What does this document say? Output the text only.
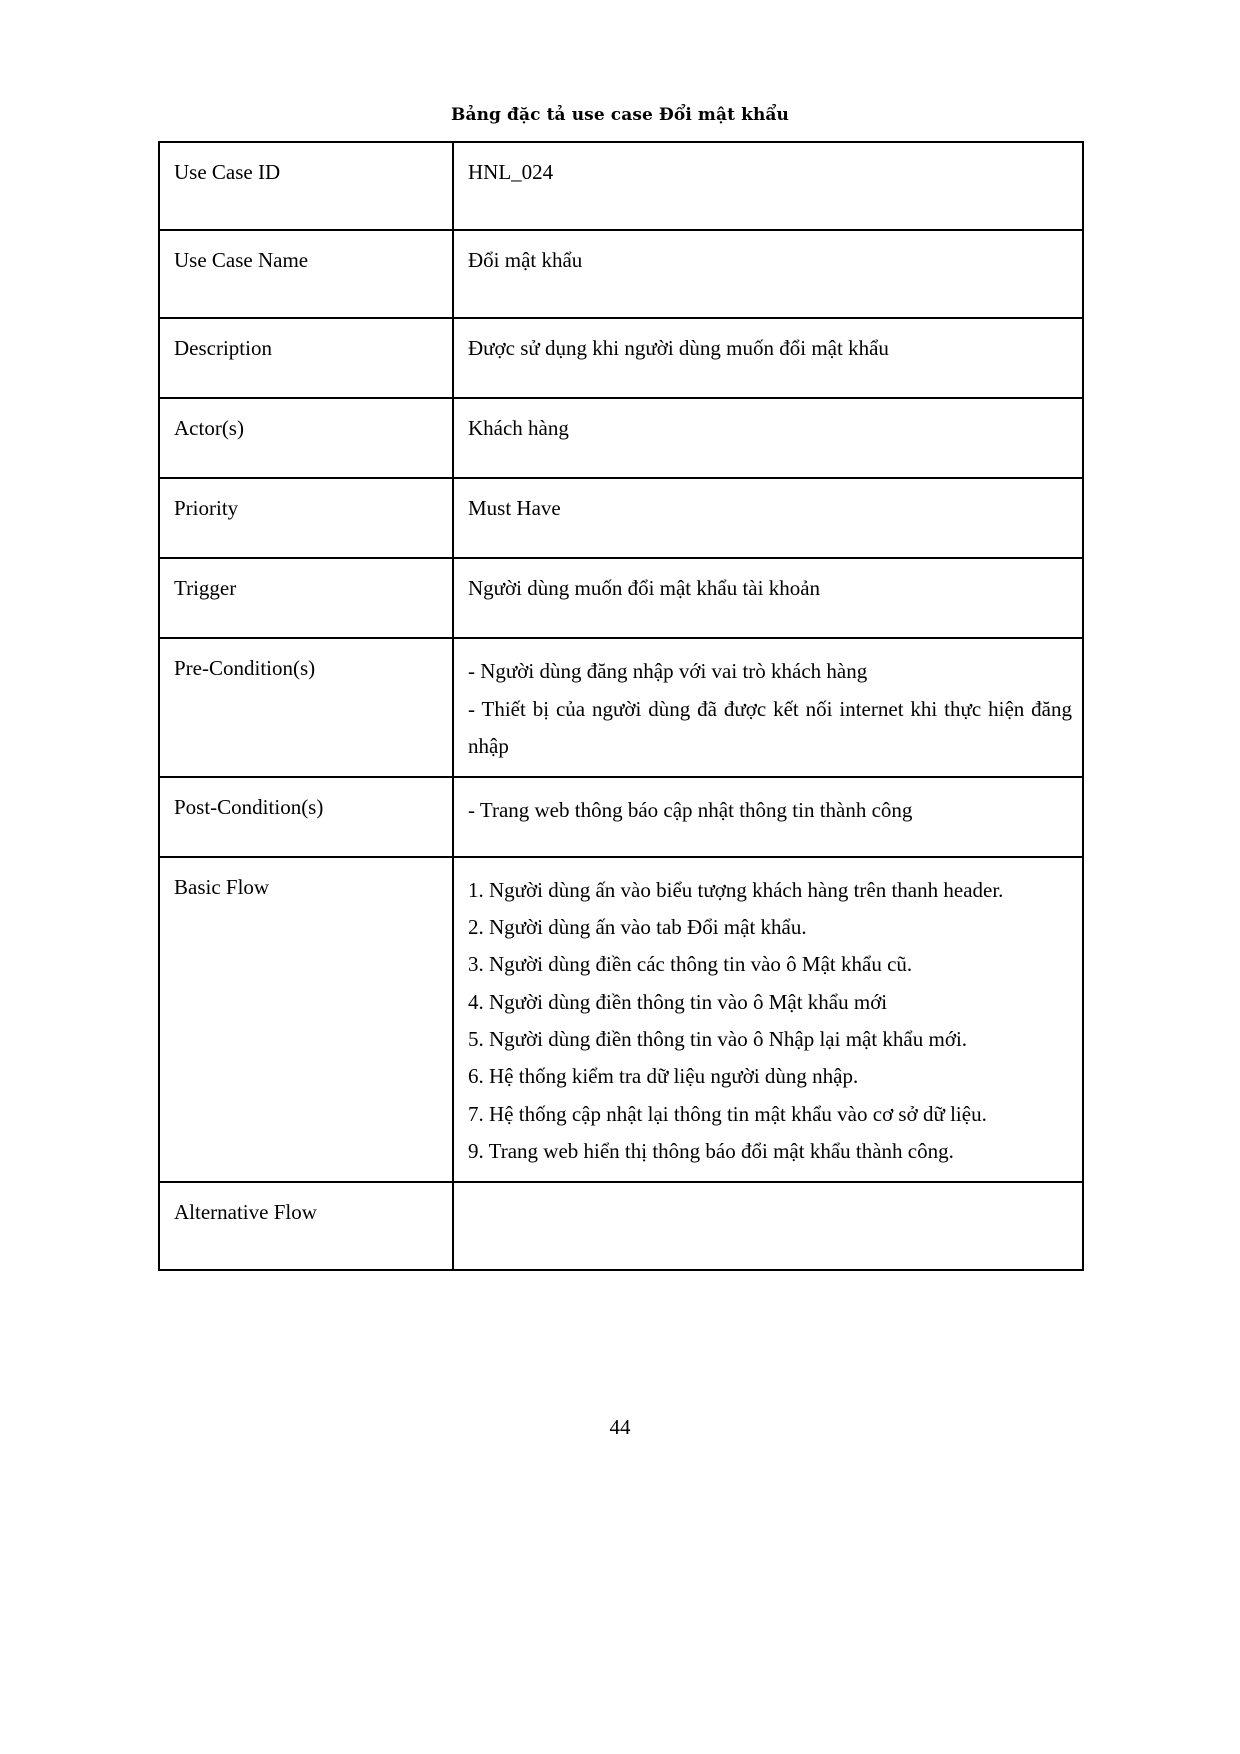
Bảng đặc tả use case Đổi mật khẩu
Use Case ID	HNL_024
Use Case Name	Đổi mật khẩu
Description	Được sử dụng khi người dùng muốn đổi mật khẩu
Actor(s)	Khách hàng
Priority	Must Have
Trigger	Người dùng muốn đổi mật khẩu tài khoản
Pre-Condition(s)	- Người dùng đăng nhập với vai trò khách hàng

- Thiết bị của người dùng đã được kết nối internet khi thực hiện đăng nhập

Post-Condition(s)	- Trang web thông báo cập nhật thông tin thành công

Basic Flow	1. Người dùng ấn vào biểu tượng khách hàng trên thanh header.

2. Người dùng ấn vào tab Đổi mật khẩu.

3. Người dùng điền các thông tin vào ô Mật khẩu cũ.

4. Người dùng điền thông tin vào ô Mật khẩu mới

5. Người dùng điền thông tin vào ô Nhập lại mật khẩu mới.

6. Hệ thống kiểm tra dữ liệu người dùng nhập.

7. Hệ thống cập nhật lại thông tin mật khẩu vào cơ sở dữ liệu.

9. Trang web hiển thị thông báo đổi mật khẩu thành công.

Alternative Flow	
44
